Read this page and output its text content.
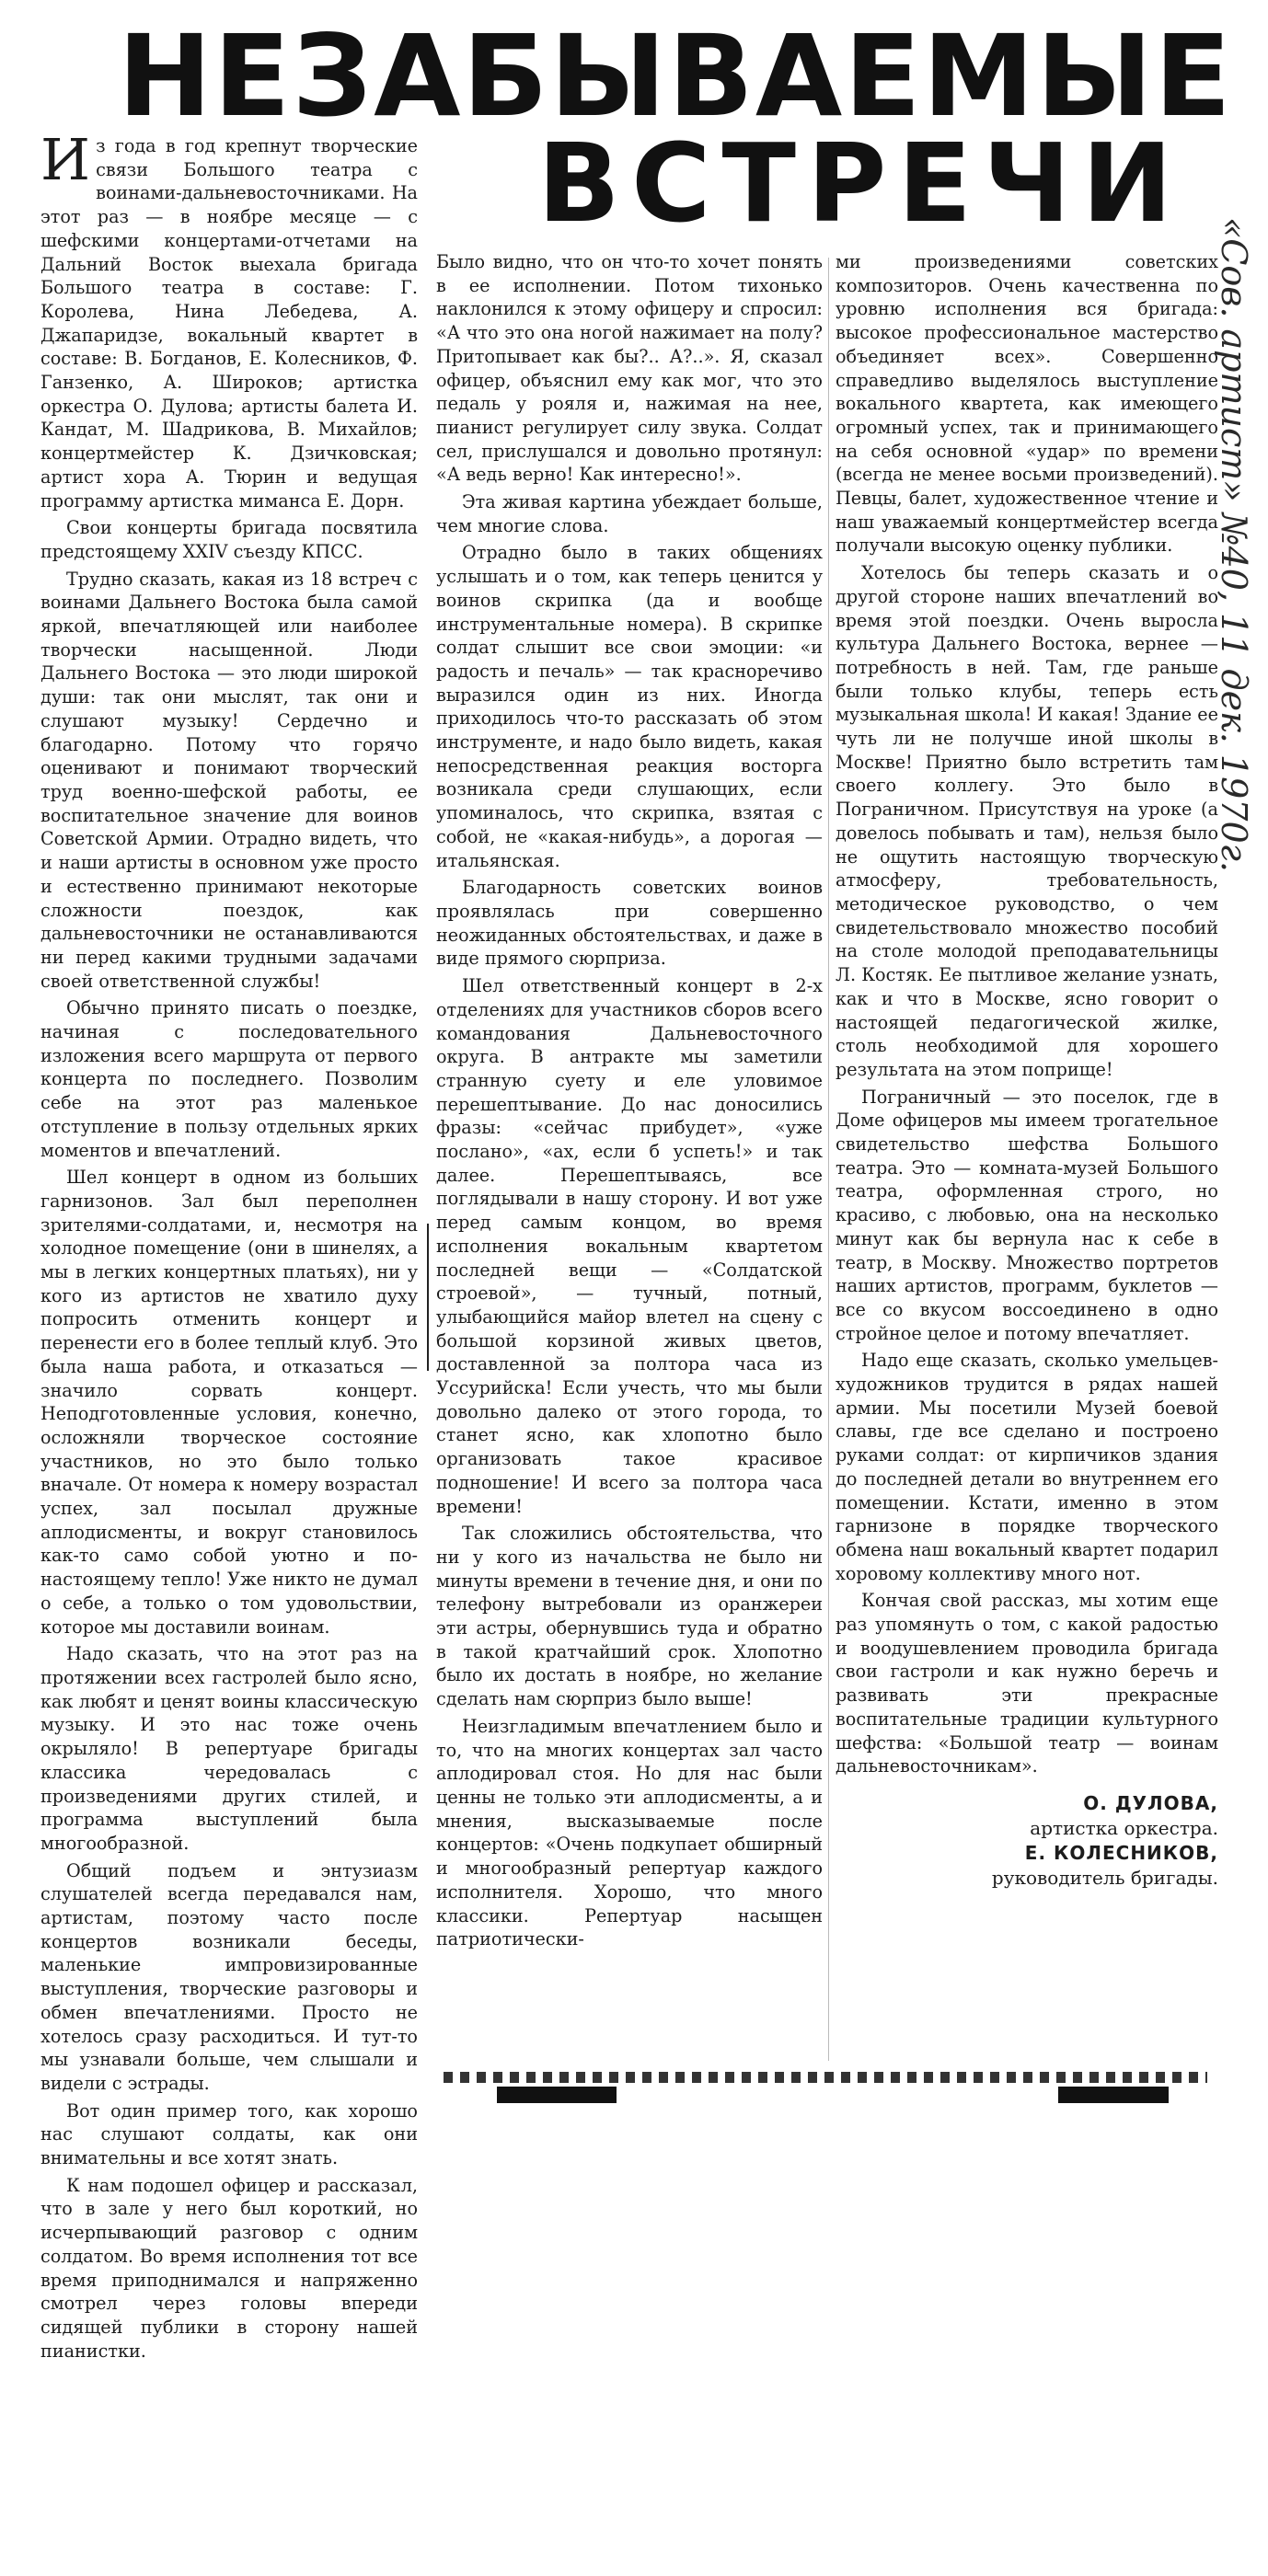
НЕЗАБЫВАЕМЫЕ
ВСТРЕЧИ

Из года в год крепнут творческие связи Большого театра с воинами-дальневосточниками. На этот раз — в ноябре месяце — с шефскими концертами-отчетами на Дальний Восток выехала бригада Большого театра в составе: Г. Королева, Нина Лебедева, А. Джапаридзе, вокальный квартет в составе: В. Богданов, Е. Колесников, Ф. Ганзенко, А. Широков; артистка оркестра О. Дулова; артисты балета И. Кандат, М. Шадрикова, В. Михайлов; концертмейстер К. Дзичковская; артист хора А. Тюрин и ведущая программу артистка миманса Е. Дорн.

Свои концерты бригада посвятила предстоящему XXIV съезду КПСС.

Трудно сказать, какая из 18 встреч с воинами Дальнего Востока была самой яркой, впечатляющей или наиболее творчески насыщенной. Люди Дальнего Востока — это люди широкой души: так они мыслят, так они и слушают музыку! Сердечно и благодарно. Потому что горячо оценивают и понимают творческий труд военно-шефской работы, ее воспитательное значение для воинов Советской Армии. Отрадно видеть, что и наши артисты в основном уже просто и естественно принимают некоторые сложности поездок, как дальневосточники не останавливаются ни перед какими трудными задачами своей ответственной службы!

Обычно принято писать о поездке, начиная с последовательного изложения всего маршрута от первого концерта по последнего. Позволим себе на этот раз маленькое отступление в пользу отдельных ярких моментов и впечатлений.

Шел концерт в одном из больших гарнизонов. Зал был переполнен зрителями-солдатами, и, несмотря на холодное помещение (они в шинелях, а мы в легких концертных платьях), ни у кого из артистов не хватило духу попросить отменить концерт и перенести его в более теплый клуб. Это была наша работа, и отказаться — значило сорвать концерт. Неподготовленные условия, конечно, осложняли творческое состояние участников, но это было только вначале. От номера к номеру возрастал успех, зал посылал дружные аплодисменты, и вокруг становилось как-то само собой уютно и по-настоящему тепло! Уже никто не думал о себе, а только о том удовольствии, которое мы доставили воинам.

Надо сказать, что на этот раз на протяжении всех гастролей было ясно, как любят и ценят воины классическую музыку. И это нас тоже очень окрыляло! В репертуаре бригады классика чередовалась с произведениями других стилей, и программа выступлений была многообразной.

Общий подъем и энтузиазм слушателей всегда передавался нам, артистам, поэтому часто после концертов возникали беседы, маленькие импровизированные выступления, творческие разговоры и обмен впечатлениями. Просто не хотелось сразу расходиться. И тут-то мы узнавали больше, чем слышали и видели с эстрады.

Вот один пример того, как хорошо нас слушают солдаты, как они внимательны и все хотят знать.

К нам подошел офицер и рассказал, что в зале у него был короткий, но исчерпывающий разговор с одним солдатом. Во время исполнения тот все время приподнимался и напряженно смотрел через головы впереди сидящей публики в сторону нашей пианистки.

Было видно, что он что-то хочет понять в ее исполнении. Потом тихонько наклонился к этому офицеру и спросил: «А что это она ногой нажимает на полу? Притопывает как бы?.. А?..». Я, сказал офицер, объяснил ему как мог, что это педаль у рояля и, нажимая на нее, пианист регулирует силу звука. Солдат сел, прислушался и довольно протянул: «А ведь верно! Как интересно!».

Эта живая картина убеждает больше, чем многие слова.

Отрадно было в таких общениях услышать и о том, как теперь ценится у воинов скрипка (да и вообще инструментальные номера). В скрипке солдат слышит все свои эмоции: «и радость и печаль» — так красноречиво выразился один из них. Иногда приходилось что-то рассказать об этом инструменте, и надо было видеть, какая непосредственная реакция восторга возникала среди слушающих, если упоминалось, что скрипка, взятая с собой, не «какая-нибудь», а дорогая — итальянская.

Благодарность советских воинов проявлялась при совершенно неожиданных обстоятельствах, и даже в виде прямого сюрприза.

Шел ответственный концерт в 2-х отделениях для участников сборов всего командования Дальневосточного округа. В антракте мы заметили странную суету и еле уловимое перешептывание. До нас доносились фразы: «сейчас прибудет», «уже послано», «ах, если б успеть!» и так далее. Перешептываясь, все поглядывали в нашу сторону. И вот уже перед самым концом, во время исполнения вокальным квартетом последней вещи — «Солдатской строевой», — тучный, потный, улыбающийся майор влетел на сцену с большой корзиной живых цветов, доставленной за полтора часа из Уссурийска! Если учесть, что мы были довольно далеко от этого города, то станет ясно, как хлопотно было организовать такое красивое подношение! И всего за полтора часа времени!

Так сложились обстоятельства, что ни у кого из начальства не было ни минуты времени в течение дня, и они по телефону вытребовали из оранжереи эти астры, обернувшись туда и обратно в такой кратчайший срок. Хлопотно было их достать в ноябре, но желание сделать нам сюрприз было выше!

Неизгладимым впечатлением было и то, что на многих концертах зал часто аплодировал стоя. Но для нас были ценны не только эти аплодисменты, а и мнения, высказываемые после концертов: «Очень подкупает обширный и многообразный репертуар каждого исполнителя. Хорошо, что много классики. Репертуар насыщен патриотически-

ми произведениями советских композиторов. Очень качественна по уровню исполнения вся бригада: высокое профессиональное мастерство объединяет всех». Совершенно справедливо выделялось выступление вокального квартета, как имеющего огромный успех, так и принимающего на себя основной «удар» по времени (всегда не менее восьми произведений). Певцы, балет, художественное чтение и наш уважаемый концертмейстер всегда получали высокую оценку публики.

Хотелось бы теперь сказать и о другой стороне наших впечатлений во время этой поездки. Очень выросла культура Дальнего Востока, вернее — потребность в ней. Там, где раньше были только клубы, теперь есть музыкальная школа! И какая! Здание ее чуть ли не получше иной школы в Москве! Приятно было встретить там своего коллегу. Это было в Пограничном. Присутствуя на уроке (а довелось побывать и там), нельзя было не ощутить настоящую творческую атмосферу, требовательность, методическое руководство, о чем свидетельствовало множество пособий на столе молодой преподавательницы Л. Костяк. Ее пытливое желание узнать, как и что в Москве, ясно говорит о настоящей педагогической жилке, столь необходимой для хорошего результата на этом поприще!

Пограничный — это поселок, где в Доме офицеров мы имеем трогательное свидетельство шефства Большого театра. Это — комната-музей Большого театра, оформленная строго, но красиво, с любовью, она на несколько минут как бы вернула нас к себе в театр, в Москву. Множество портретов наших артистов, программ, буклетов — все со вкусом воссоединено в одно стройное целое и потому впечатляет.

Надо еще сказать, сколько умельцев-художников трудится в рядах нашей армии. Мы посетили Музей боевой славы, где все сделано и построено руками солдат: от кирпичиков здания до последней детали во внутреннем его помещении. Кстати, именно в этом гарнизоне в порядке творческого обмена наш вокальный квартет подарил хоровому коллективу много нот.

Кончая свой рассказ, мы хотим еще раз упомянуть о том, с какой радостью и воодушевлением проводила бригада свои гастроли и как нужно беречь и развивать эти прекрасные воспитательные традиции культурного шефства: «Большой театр — воинам дальневосточникам».

О. ДУЛОВА,
артистка оркестра.
Е. КОЛЕСНИКОВ,
руководитель бригады.
«Сов. артист» №40, 11 дек. 1970г.
